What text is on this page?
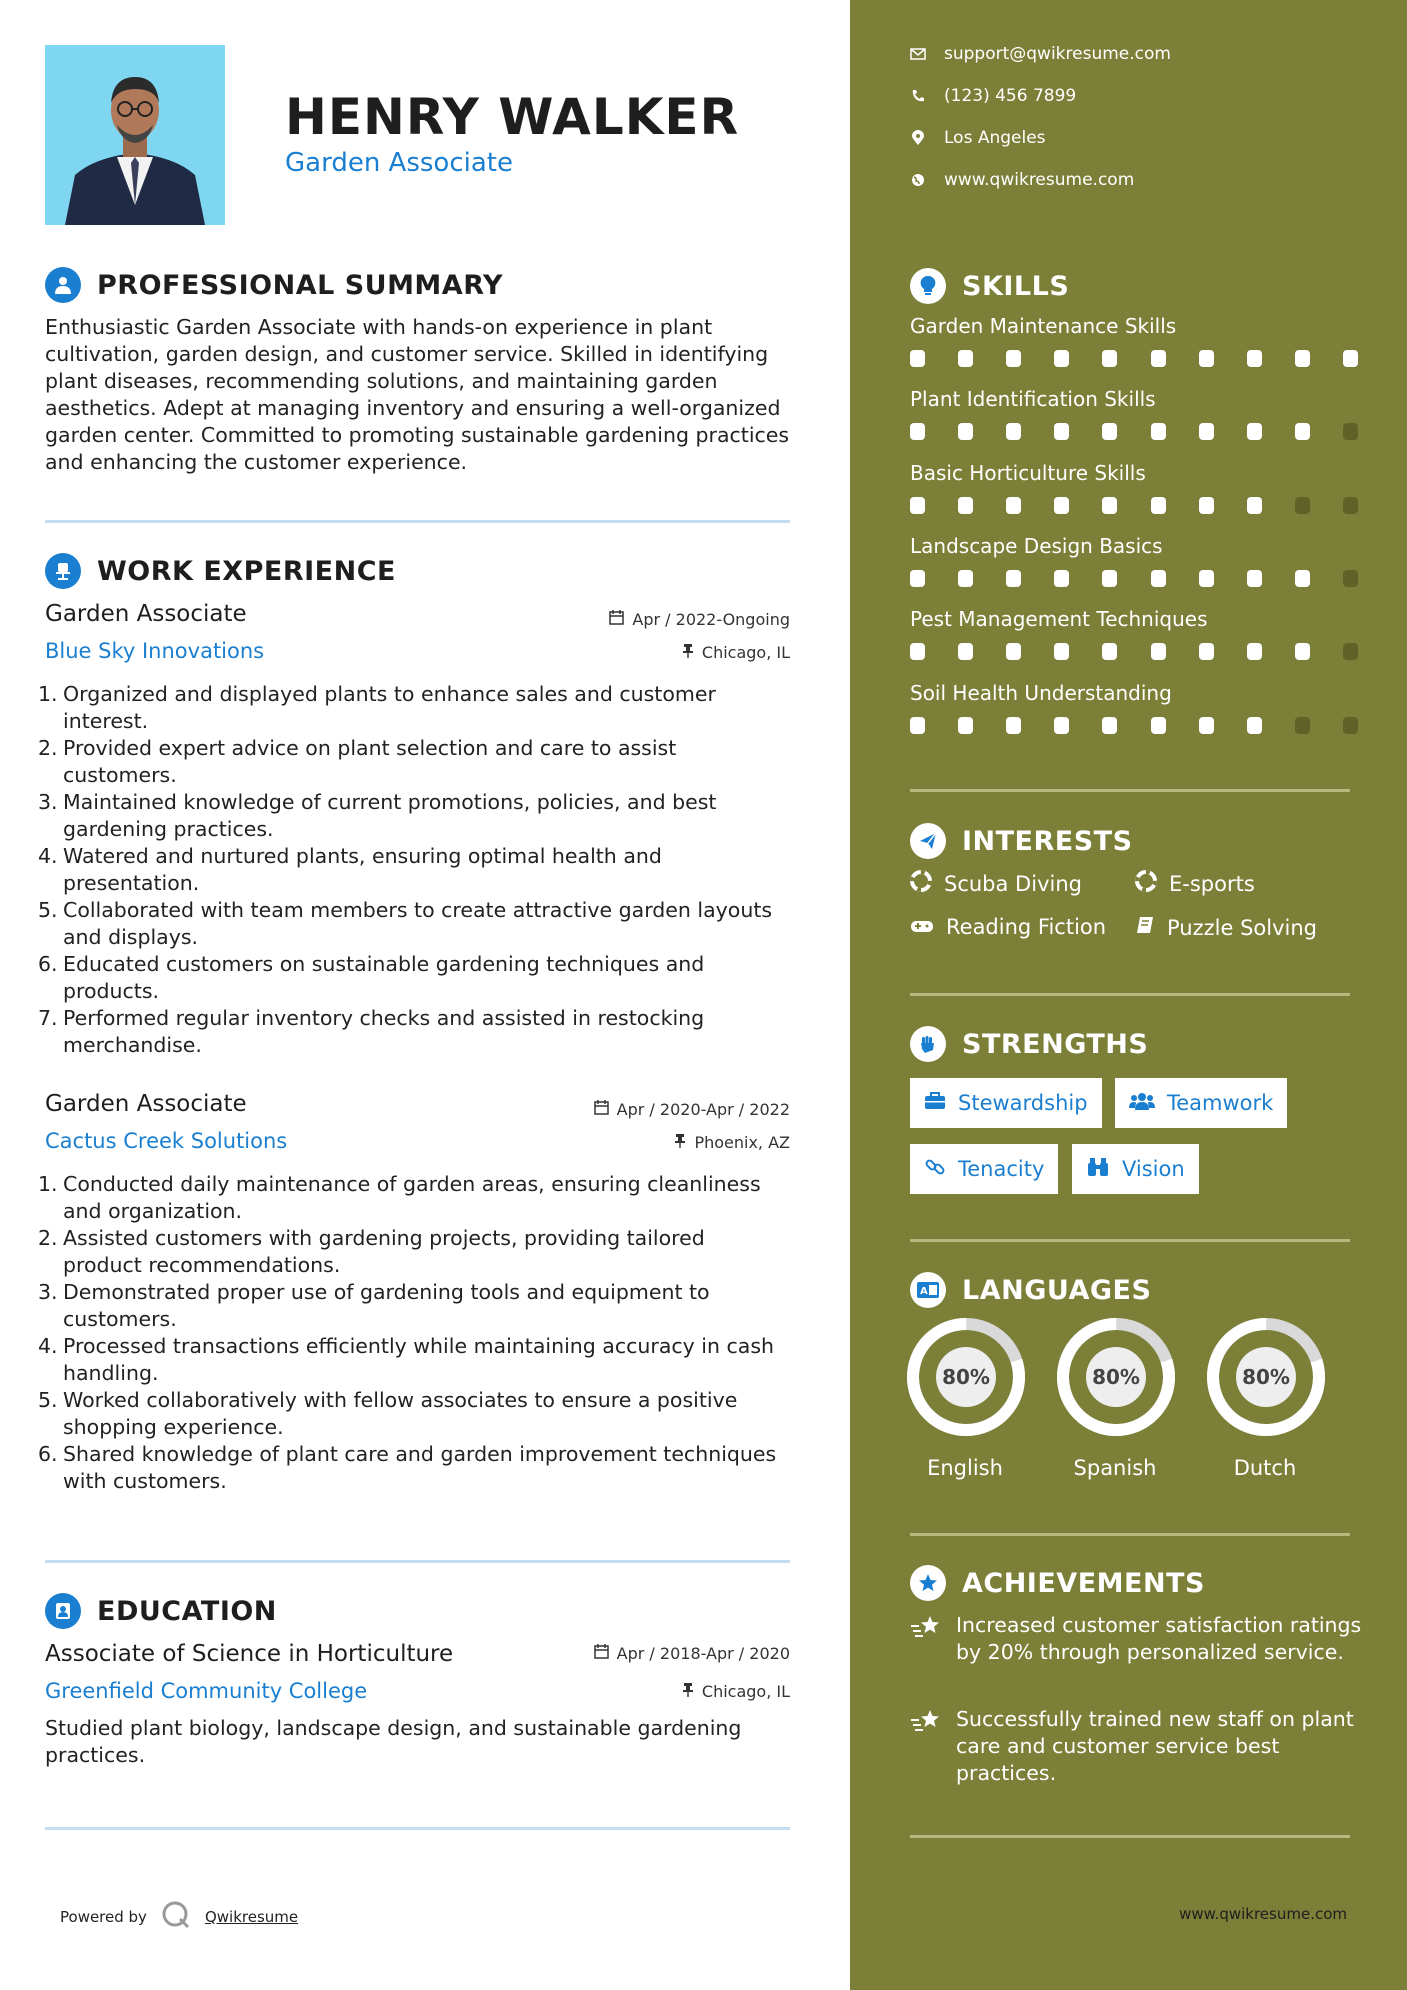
HENRY WALKER
Garden Associate
PROFESSIONAL SUMMARY
Enthusiastic Garden Associate with hands-on experience in plant cultivation, garden design, and customer service. Skilled in identifying plant diseases, recommending solutions, and maintaining garden aesthetics. Adept at managing inventory and ensuring a well-organized garden center. Committed to promoting sustainable gardening practices and enhancing the customer experience.
WORK EXPERIENCE
Garden Associate	Apr / 2022-Ongoing
Blue Sky Innovations	Chicago, IL
1. Organized and displayed plants to enhance sales and customer interest.
2. Provided expert advice on plant selection and care to assist customers.
3. Maintained knowledge of current promotions, policies, and best gardening practices.
4. Watered and nurtured plants, ensuring optimal health and presentation.
5. Collaborated with team members to create attractive garden layouts and displays.
6. Educated customers on sustainable gardening techniques and products.
7. Performed regular inventory checks and assisted in restocking merchandise.
Garden Associate	Apr / 2020-Apr / 2022
Cactus Creek Solutions	Phoenix, AZ
1. Conducted daily maintenance of garden areas, ensuring cleanliness and organization.
2. Assisted customers with gardening projects, providing tailored product recommendations.
3. Demonstrated proper use of gardening tools and equipment to customers.
4. Processed transactions efficiently while maintaining accuracy in cash handling.
5. Worked collaboratively with fellow associates to ensure a positive shopping experience.
6. Shared knowledge of plant care and garden improvement techniques with customers.
EDUCATION
Associate of Science in Horticulture	Apr / 2018-Apr / 2020
Greenfield Community College	Chicago, IL
Studied plant biology, landscape design, and sustainable gardening practices.
Powered by	Qwikresume
support@qwikresume.com
(123) 456 7899
Los Angeles
www.qwikresume.com
SKILLS
Garden Maintenance Skills
Plant Identification Skills
Basic Horticulture Skills
Landscape Design Basics
Pest Management Techniques
Soil Health Understanding
INTERESTS
Scuba Diving	E-sports
Reading Fiction	Puzzle Solving
STRENGTHS
Stewardship	Teamwork
Tenacity	Vision
A LANGUAGES
80%
English
80%
Spanish
80%
Dutch
ACHIEVEMENTS
Increased customer satisfaction ratings by 20% through personalized service.
Successfully trained new staff on plant care and customer service best practices.
www.qwikresume.com
